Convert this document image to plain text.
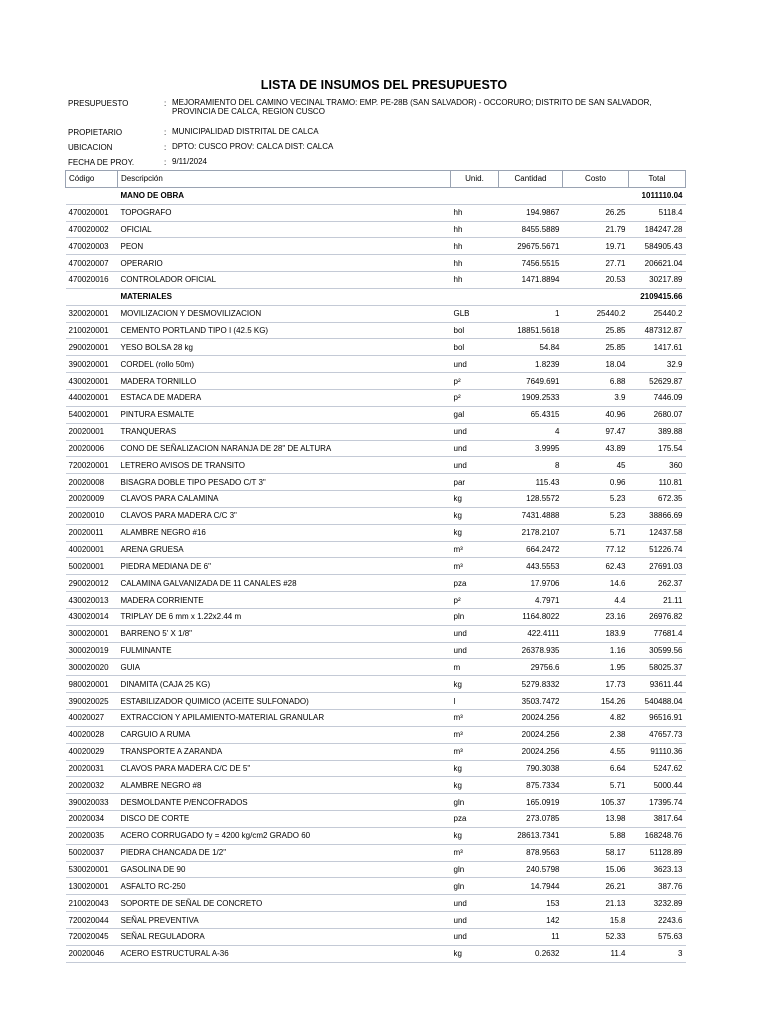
LISTA DE INSUMOS DEL PRESUPUESTO
PRESUPUESTO	: MEJORAMIENTO DEL CAMINO VECINAL TRAMO: EMP. PE-28B (SAN SALVADOR) - OCCORURO; DISTRITO DE SAN SALVADOR, PROVINCIA DE CALCA, REGION CUSCO
PROPIETARIO	: MUNICIPALIDAD DISTRITAL DE CALCA
UBICACION	: DPTO: CUSCO PROV: CALCA DIST: CALCA
FECHA DE PROY.	: 9/11/2024
Código	Descripción	Unid.	Cantidad	Costo	Total
	MANO DE OBRA				1011110.04
470020001	TOPOGRAFO	hh	194.9867	26.25	5118.4
470020002	OFICIAL	hh	8455.5889	21.79	184247.28
470020003	PEON	hh	29675.5671	19.71	584905.43
470020007	OPERARIO	hh	7456.5515	27.71	206621.04
470020016	CONTROLADOR OFICIAL	hh	1471.8894	20.53	30217.89
	MATERIALES				2109415.66
320020001	MOVILIZACION Y DESMOVILIZACION	GLB	1	25440.2	25440.2
210020001	CEMENTO PORTLAND TIPO I (42.5 KG)	bol	18851.5618	25.85	487312.87
290020001	YESO BOLSA 28 kg	bol	54.84	25.85	1417.61
390020001	CORDEL (rollo 50m)	und	1.8239	18.04	32.9
430020001	MADERA TORNILLO	p²	7649.691	6.88	52629.87
440020001	ESTACA DE MADERA	p²	1909.2533	3.9	7446.09
540020001	PINTURA ESMALTE	gal	65.4315	40.96	2680.07
20020001	TRANQUERAS	und	4	97.47	389.88
20020006	CONO DE SEÑALIZACION NARANJA DE 28" DE ALTURA	und	3.9995	43.89	175.54
720020001	LETRERO AVISOS DE TRANSITO	und	8	45	360
20020008	BISAGRA DOBLE TIPO PESADO C/T 3"	par	115.43	0.96	110.81
20020009	CLAVOS PARA CALAMINA	kg	128.5572	5.23	672.35
20020010	CLAVOS PARA MADERA C/C 3"	kg	7431.4888	5.23	38866.69
20020011	ALAMBRE NEGRO #16	kg	2178.2107	5.71	12437.58
40020001	ARENA GRUESA	m³	664.2472	77.12	51226.74
50020001	PIEDRA MEDIANA DE 6"	m³	443.5553	62.43	27691.03
290020012	CALAMINA GALVANIZADA DE 11 CANALES #28	pza	17.9706	14.6	262.37
430020013	MADERA CORRIENTE	p²	4.7971	4.4	21.11
430020014	TRIPLAY DE 6 mm x 1.22x2.44 m	pln	1164.8022	23.16	26976.82
300020001	BARRENO 5' X 1/8"	und	422.4111	183.9	77681.4
300020019	FULMINANTE	und	26378.935	1.16	30599.56
300020020	GUIA	m	29756.6	1.95	58025.37
980020001	DINAMITA (CAJA 25 KG)	kg	5279.8332	17.73	93611.44
390020025	ESTABILIZADOR QUIMICO (ACEITE SULFONADO)	l	3503.7472	154.26	540488.04
40020027	EXTRACCION Y APILAMIENTO-MATERIAL GRANULAR	m³	20024.256	4.82	96516.91
40020028	CARGUIO A RUMA	m³	20024.256	2.38	47657.73
40020029	TRANSPORTE A ZARANDA	m³	20024.256	4.55	91110.36
20020031	CLAVOS PARA MADERA C/C DE 5"	kg	790.3038	6.64	5247.62
20020032	ALAMBRE NEGRO #8	kg	875.7334	5.71	5000.44
390020033	DESMOLDANTE P/ENCOFRADOS	gln	165.0919	105.37	17395.74
20020034	DISCO DE CORTE	pza	273.0785	13.98	3817.64
20020035	ACERO CORRUGADO fy = 4200 kg/cm2 GRADO 60	kg	28613.7341	5.88	168248.76
50020037	PIEDRA CHANCADA DE 1/2"	m³	878.9563	58.17	51128.89
530020001	GASOLINA DE 90	gln	240.5798	15.06	3623.13
130020001	ASFALTO RC-250	gln	14.7944	26.21	387.76
210020043	SOPORTE DE SEÑAL DE CONCRETO	und	153	21.13	3232.89
720020044	SEÑAL PREVENTIVA	und	142	15.8	2243.6
720020045	SEÑAL REGULADORA	und	11	52.33	575.63
20020046	ACERO ESTRUCTURAL A-36	kg	0.2632	11.4	3
